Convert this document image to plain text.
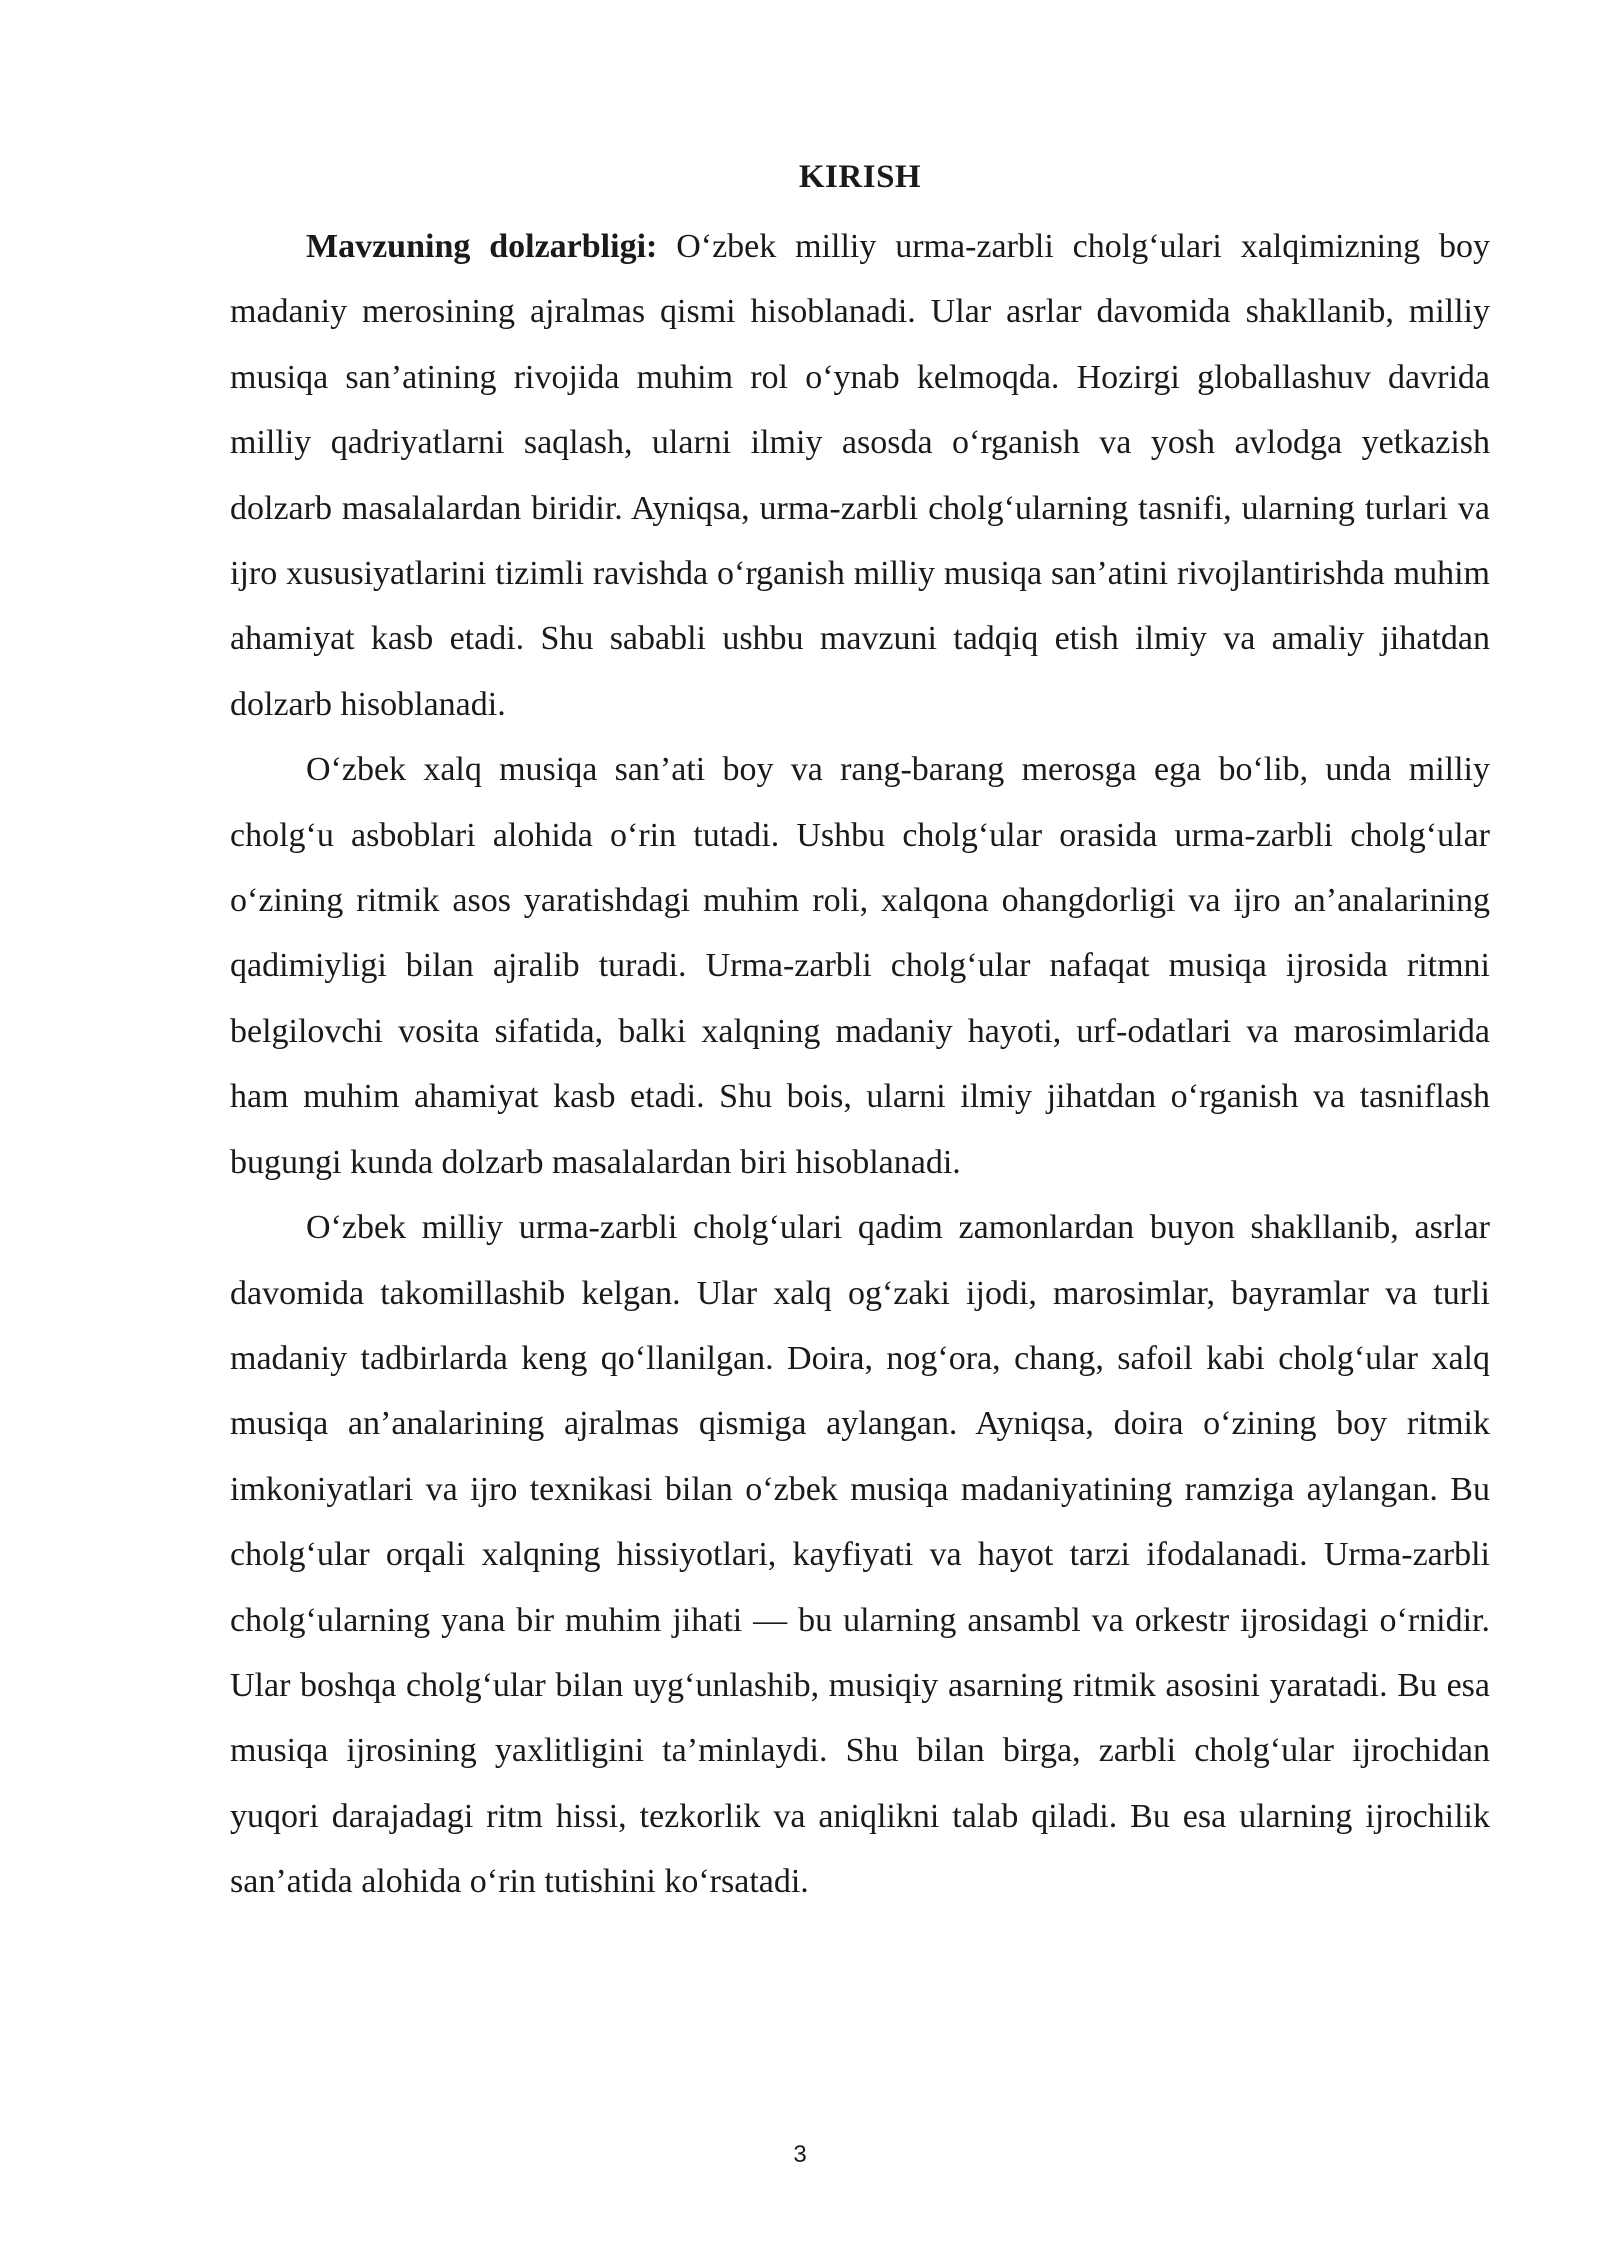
KIRISH

Mavzuning dolzarbligi: O‘zbek milliy urma-zarbli cholg‘ulari xalqimizning boy madaniy merosining ajralmas qismi hisoblanadi. Ular asrlar davomida shakllanib, milliy musiqa san’atining rivojida muhim rol o‘ynab kelmoqda. Hozirgi globallashuv davrida milliy qadriyatlarni saqlash, ularni ilmiy asosda o‘rganish va yosh avlodga yetkazish dolzarb masalalardan biridir. Ayniqsa, urma-zarbli cholg‘ularning tasnifi, ularning turlari va ijro xususiyatlarini tizimli ravishda o‘rganish milliy musiqa san’atini rivojlantirishda muhim ahamiyat kasb etadi. Shu sababli ushbu mavzuni tadqiq etish ilmiy va amaliy jihatdan dolzarb hisoblanadi.

O‘zbek xalq musiqa san’ati boy va rang-barang merosga ega bo‘lib, unda milliy cholg‘u asboblari alohida o‘rin tutadi. Ushbu cholg‘ular orasida urma-zarbli cholg‘ular o‘zining ritmik asos yaratishdagi muhim roli, xalqona ohangdorligi va ijro an’analarining qadimiyligi bilan ajralib turadi. Urma-zarbli cholg‘ular nafaqat musiqa ijrosida ritmni belgilovchi vosita sifatida, balki xalqning madaniy hayoti, urf-odatlari va marosimlarida ham muhim ahamiyat kasb etadi. Shu bois, ularni ilmiy jihatdan o‘rganish va tasniflash bugungi kunda dolzarb masalalardan biri hisoblanadi.

O‘zbek milliy urma-zarbli cholg‘ulari qadim zamonlardan buyon shakllanib, asrlar davomida takomillashib kelgan. Ular xalq og‘zaki ijodi, marosimlar, bayramlar va turli madaniy tadbirlarda keng qo‘llanilgan. Doira, nog‘ora, chang, safoil kabi cholg‘ular xalq musiqa an’analarining ajralmas qismiga aylangan. Ayniqsa, doira o‘zining boy ritmik imkoniyatlari va ijro texnikasi bilan o‘zbek musiqa madaniyatining ramziga aylangan. Bu cholg‘ular orqali xalqning hissiyotlari, kayfiyati va hayot tarzi ifodalanadi. Urma-zarbli cholg‘ularning yana bir muhim jihati — bu ularning ansambl va orkestr ijrosidagi o‘rnidir. Ular boshqa cholg‘ular bilan uyg‘unlashib, musiqiy asarning ritmik asosini yaratadi. Bu esa musiqa ijrosining yaxlitligini ta’minlaydi. Shu bilan birga, zarbli cholg‘ular ijrochidan yuqori darajadagi ritm hissi, tezkorlik va aniqlikni talab qiladi. Bu esa ularning ijrochilik san’atida alohida o‘rin tutishini ko‘rsatadi.

3
